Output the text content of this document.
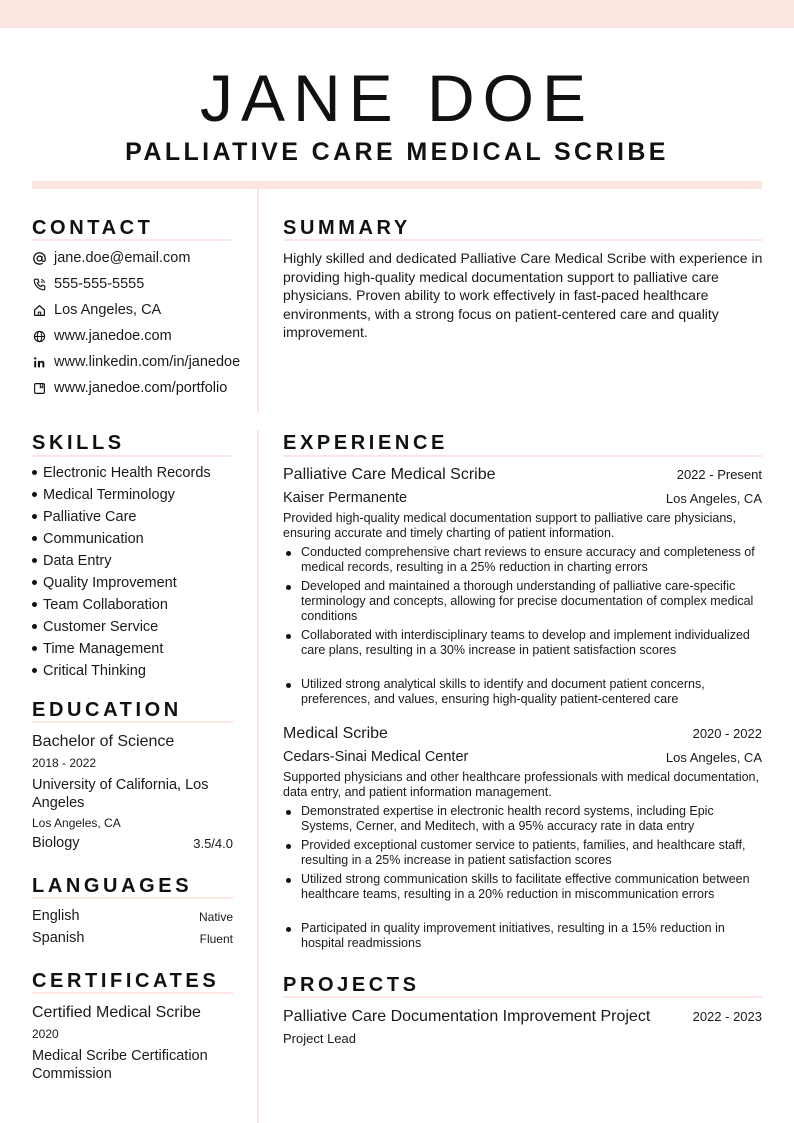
JANE DOE
PALLIATIVE CARE MEDICAL SCRIBE
CONTACT
jane.doe@email.com
555-555-5555
Los Angeles, CA
www.janedoe.com
www.linkedin.com/in/janedoe
www.janedoe.com/portfolio
SUMMARY
Highly skilled and dedicated Palliative Care Medical Scribe with experience in providing high-quality medical documentation support to palliative care physicians. Proven ability to work effectively in fast-paced healthcare environments, with a strong focus on patient-centered care and quality improvement.
SKILLS
Electronic Health Records
Medical Terminology
Palliative Care
Communication
Data Entry
Quality Improvement
Team Collaboration
Customer Service
Time Management
Critical Thinking
EDUCATION
Bachelor of Science
2018 - 2022
University of California, Los Angeles
Los Angeles, CA
Biology	3.5/4.0
LANGUAGES
English	Native
Spanish	Fluent
CERTIFICATES
Certified Medical Scribe
2020
Medical Scribe Certification Commission
EXPERIENCE
Palliative Care Medical Scribe	2022 - Present
Kaiser Permanente	Los Angeles, CA
Provided high-quality medical documentation support to palliative care physicians, ensuring accurate and timely charting of patient information.
Conducted comprehensive chart reviews to ensure accuracy and completeness of medical records, resulting in a 25% reduction in charting errors
Developed and maintained a thorough understanding of palliative care-specific terminology and concepts, allowing for precise documentation of complex medical conditions
Collaborated with interdisciplinary teams to develop and implement individualized care plans, resulting in a 30% increase in patient satisfaction scores
Utilized strong analytical skills to identify and document patient concerns, preferences, and values, ensuring high-quality patient-centered care
Medical Scribe	2020 - 2022
Cedars-Sinai Medical Center	Los Angeles, CA
Supported physicians and other healthcare professionals with medical documentation, data entry, and patient information management.
Demonstrated expertise in electronic health record systems, including Epic Systems, Cerner, and Meditech, with a 95% accuracy rate in data entry
Provided exceptional customer service to patients, families, and healthcare staff, resulting in a 25% increase in patient satisfaction scores
Utilized strong communication skills to facilitate effective communication between healthcare teams, resulting in a 20% reduction in miscommunication errors
Participated in quality improvement initiatives, resulting in a 15% reduction in hospital readmissions
PROJECTS
Palliative Care Documentation Improvement Project	2022 - 2023
Project Lead
